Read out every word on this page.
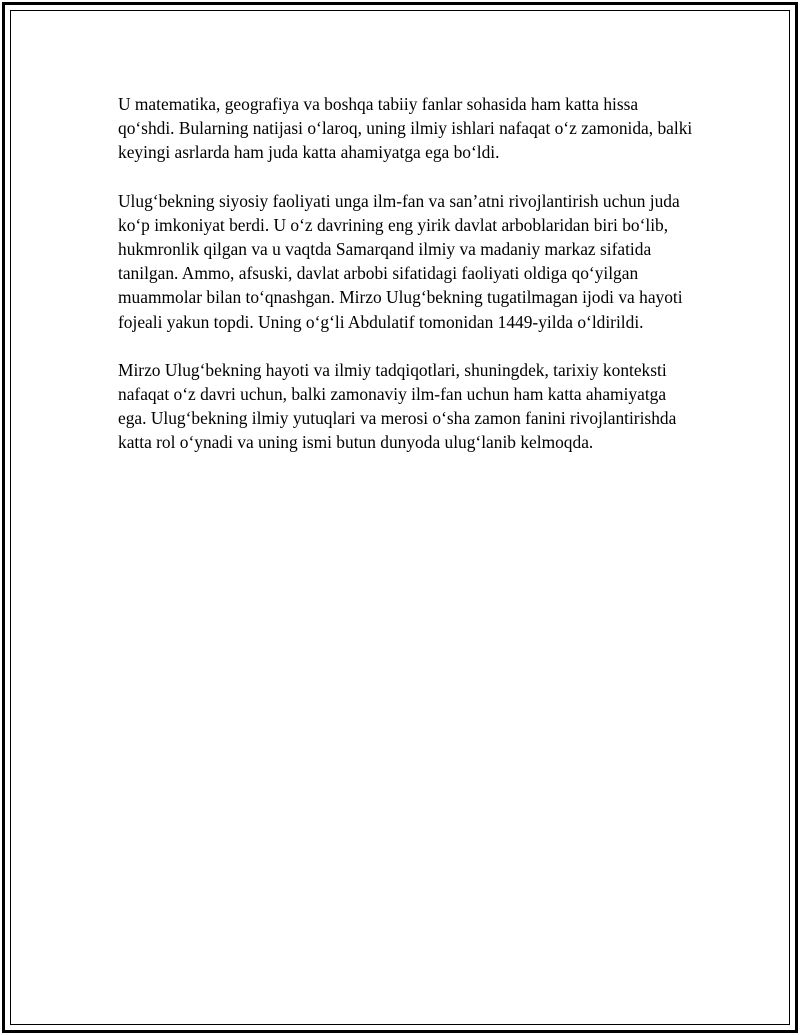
U matematika, geografiya va boshqa tabiiy fanlar sohasida ham katta hissa qo‘shdi. Bularning natijasi o‘laroq, uning ilmiy ishlari nafaqat o‘z zamonida, balki keyingi asrlarda ham juda katta ahamiyatga ega bo‘ldi.

Ulug‘bekning siyosiy faoliyati unga ilm-fan va san’atni rivojlantirish uchun juda ko‘p imkoniyat berdi. U o‘z davrining eng yirik davlat arboblaridan biri bo‘lib, hukmronlik qilgan va u vaqtda Samarqand ilmiy va madaniy markaz sifatida tanilgan. Ammo, afsuski, davlat arbobi sifatidagi faoliyati oldiga qo‘yilgan muammolar bilan to‘qnashgan. Mirzo Ulug‘bekning tugatilmagan ijodi va hayoti fojeali yakun topdi. Uning o‘g‘li Abdulatif tomonidan 1449-yilda o‘ldirildi.

Mirzo Ulug‘bekning hayoti va ilmiy tadqiqotlari, shuningdek, tarixiy konteksti nafaqat o‘z davri uchun, balki zamonaviy ilm-fan uchun ham katta ahamiyatga ega. Ulug‘bekning ilmiy yutuqlari va merosi o‘sha zamon fanini rivojlantirishda katta rol o‘ynadi va uning ismi butun dunyoda ulug‘lanib kelmoqda.
